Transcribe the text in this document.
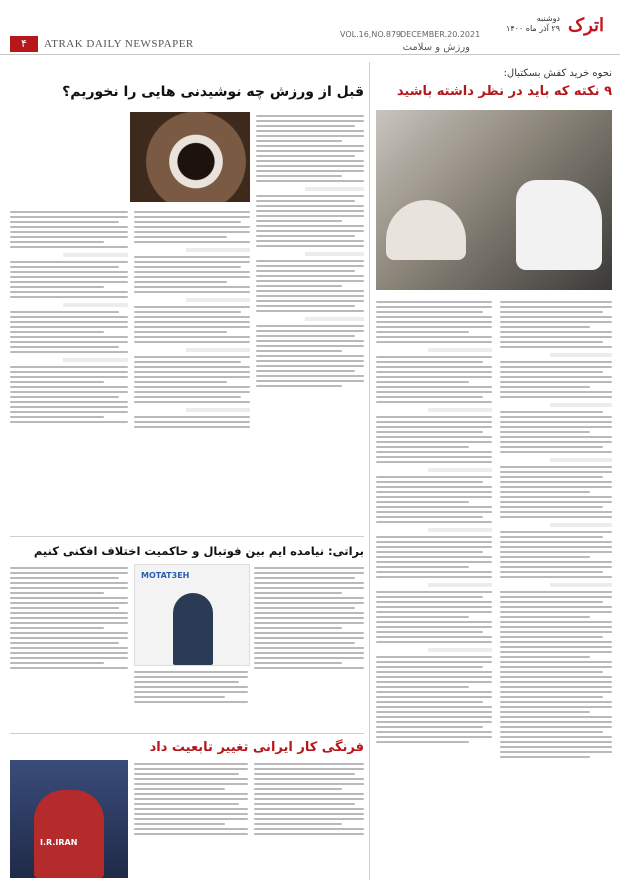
۴	ATRAK DAILY NEWSPAPER
VOL.16,NO.879
DECEMBER.20.2021
ورزش و سلامت
دوشنبه
۲۹ آذر ماه ۱۴۰۰ اترک
نحوه خرید کفش بسکتبال:
۹ نکته که باید در نظر داشته باشید
قبل از ورزش چه نوشیدنی هایی را نخوریم؟
براتی: نیامده ایم بین فوتبال و حاکمیت اختلاف افکنی کنیم
MOTAT3EH
فرنگی کار ایرانی تغییر تابعیت داد
I.R.IRAN
